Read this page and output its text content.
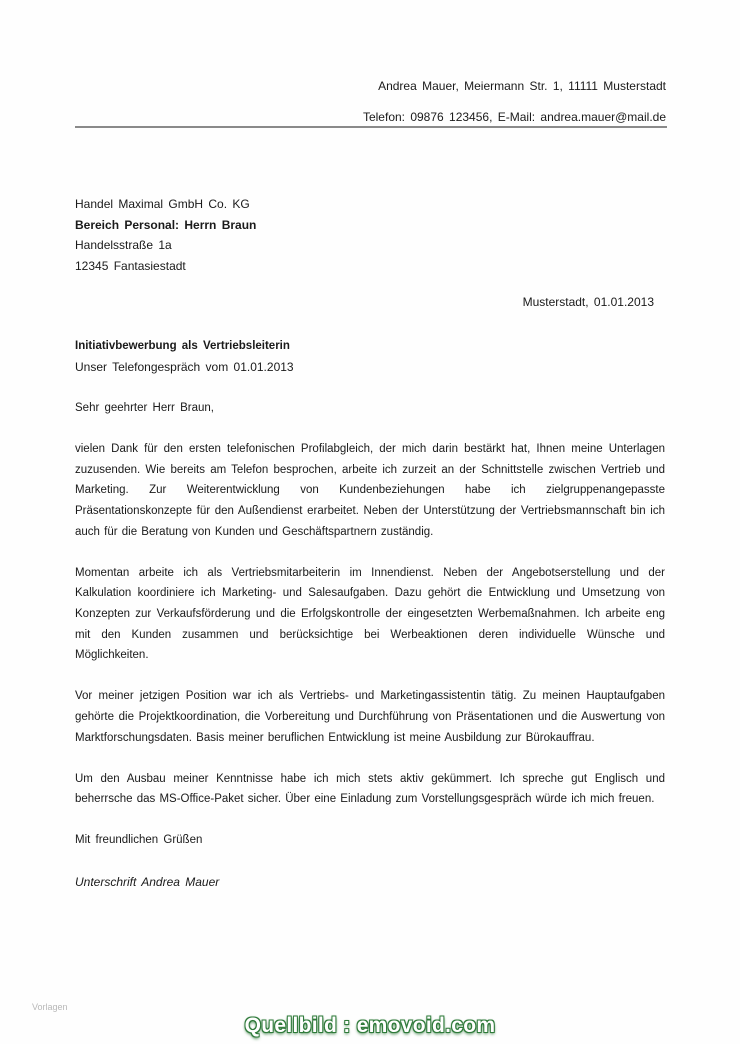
Andrea Mauer, Meiermann Str. 1, 11111 Musterstadt
Telefon: 09876 123456, E-Mail: andrea.mauer@mail.de
Handel Maximal GmbH Co. KG
Bereich Personal: Herrn Braun
Handelsstraße 1a
12345 Fantasiestadt
Musterstadt, 01.01.2013
Initiativbewerbung als Vertriebsleiterin
Unser Telefongespräch vom 01.01.2013

Sehr geehrter Herr Braun,

vielen Dank für den ersten telefonischen Profilabgleich, der mich darin bestärkt hat, Ihnen meine Unterlagen zuzusenden. Wie bereits am Telefon besprochen, arbeite ich zurzeit an der Schnittstelle zwischen Vertrieb und Marketing. Zur Weiterentwicklung von Kundenbeziehungen habe ich zielgruppenangepasste Präsentationskonzepte für den Außendienst erarbeitet. Neben der Unterstützung der Vertriebsmannschaft bin ich auch für die Beratung von Kunden und Geschäftspartnern zuständig.

Momentan arbeite ich als Vertriebsmitarbeiterin im Innendienst. Neben der Angebotserstellung und der Kalkulation koordiniere ich Marketing- und Salesaufgaben. Dazu gehört die Entwicklung und Umsetzung von Konzepten zur Verkaufsförderung und die Erfolgskontrolle der eingesetzten Werbemaßnahmen. Ich arbeite eng mit den Kunden zusammen und berücksichtige bei Werbeaktionen deren individuelle Wünsche und Möglichkeiten.

Vor meiner jetzigen Position war ich als Vertriebs- und Marketingassistentin tätig. Zu meinen Hauptaufgaben gehörte die Projektkoordination, die Vorbereitung und Durchführung von Präsentationen und die Auswertung von Marktforschungsdaten. Basis meiner beruflichen Entwicklung ist meine Ausbildung zur Bürokauffrau.

Um den Ausbau meiner Kenntnisse habe ich mich stets aktiv gekümmert. Ich spreche gut Englisch und beherrsche das MS-Office-Paket sicher. Über eine Einladung zum Vorstellungsgespräch würde ich mich freuen.

Mit freundlichen Grüßen

Unterschrift Andrea Mauer

Vorlagen
Quellbild : emovoid.com
